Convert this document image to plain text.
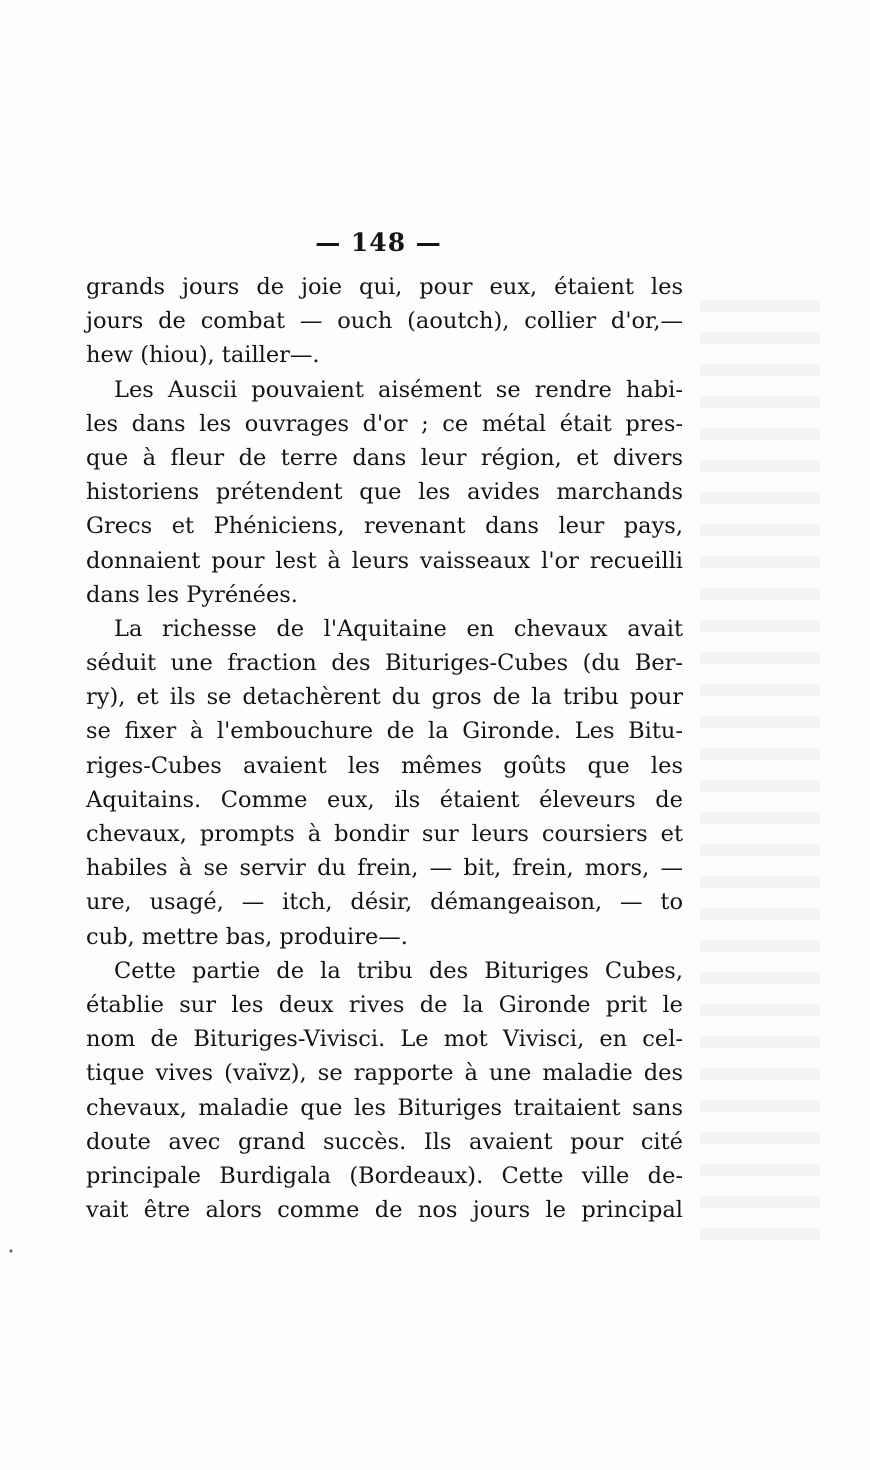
— 148 —
grands jours de joie qui, pour eux, étaient les
jours de combat — ouch (aoutch), collier d'or,—
hew (hiou), tailler—.
Les Auscii pouvaient aisément se rendre habi-
les dans les ouvrages d'or ; ce métal était pres-
que à fleur de terre dans leur région, et divers
historiens prétendent que les avides marchands
Grecs et Phéniciens, revenant dans leur pays,
donnaient pour lest à leurs vaisseaux l'or recueilli
dans les Pyrénées.
La richesse de l'Aquitaine en chevaux avait
séduit une fraction des Bituriges-Cubes (du Ber-
ry), et ils se detachèrent du gros de la tribu pour
se fixer à l'embouchure de la Gironde. Les Bitu-
riges-Cubes avaient les mêmes goûts que les
Aquitains. Comme eux, ils étaient éleveurs de
chevaux, prompts à bondir sur leurs coursiers et
habiles à se servir du frein, — bit, frein, mors, —
ure, usagé, — itch, désir, démangeaison, — to
cub, mettre bas, produire—.
Cette partie de la tribu des Bituriges Cubes,
établie sur les deux rives de la Gironde prit le
nom de Bituriges-Vivisci. Le mot Vivisci, en cel-
tique vives (vaïvz), se rapporte à une maladie des
chevaux, maladie que les Bituriges traitaient sans
doute avec grand succès. Ils avaient pour cité
principale Burdigala (Bordeaux). Cette ville de-
vait être alors comme de nos jours le principal
•
